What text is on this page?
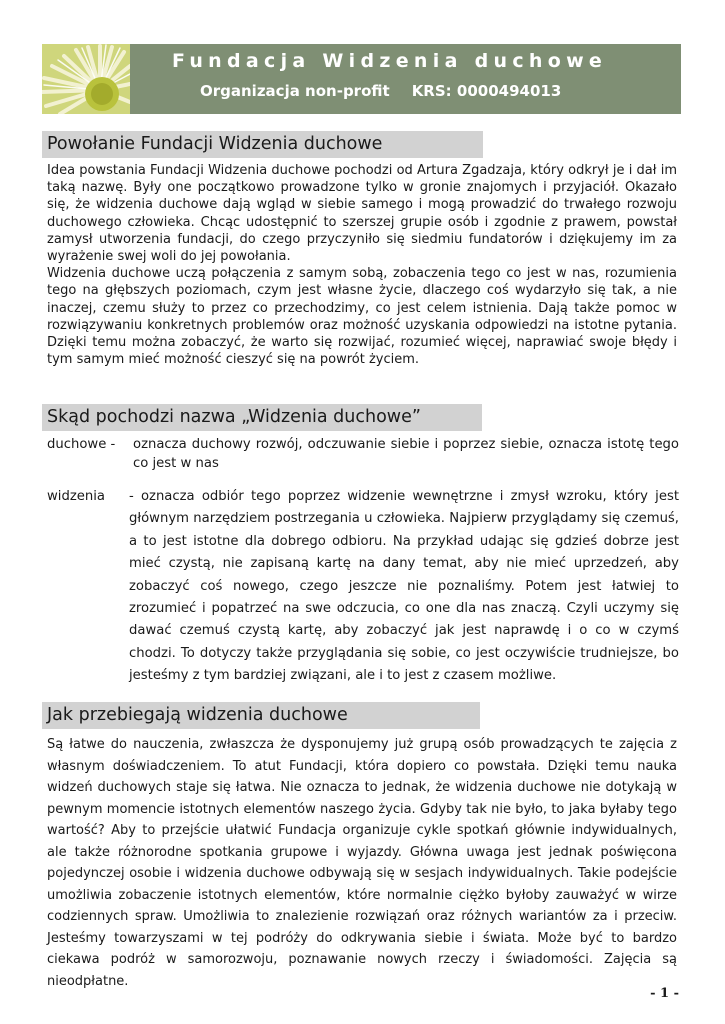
Fundacja Widzenia duchowe
Organizacja non-profit KRS: 0000494013
Powołanie Fundacji Widzenia duchowe

Idea powstania Fundacji Widzenia duchowe pochodzi od Artura Zgadzaja, który odkrył je i dał im taką nazwę. Były one początkowo prowadzone tylko w gronie znajomych i przyjaciół. Okazało się, że widzenia duchowe dają wgląd w siebie samego i mogą prowadzić do trwałego rozwoju duchowego człowieka. Chcąc udostępnić to szerszej grupie osób i zgodnie z prawem, powstał zamysł utworzenia fundacji, do czego przyczyniło się siedmiu fundatorów i dziękujemy im za wyrażenie swej woli do jej powołania.

Widzenia duchowe uczą połączenia z samym sobą, zobaczenia tego co jest w nas, rozumienia tego na głębszych poziomach, czym jest własne życie, dlaczego coś wydarzyło się tak, a nie inaczej, czemu służy to przez co przechodzimy, co jest celem istnienia. Dają także pomoc w rozwiązywaniu konkretnych problemów oraz możność uzyskania odpowiedzi na istotne pytania. Dzięki temu można zobaczyć, że warto się rozwijać, rozumieć więcej, naprawiać swoje błędy i tym samym mieć możność cieszyć się na powrót życiem.

Skąd pochodzi nazwa „Widzenia duchowe”
duchowe -	oznacza duchowy rozwój, odczuwanie siebie i poprzez siebie, oznacza istotę tego co jest w nas

widzenia	- oznacza odbiór tego poprzez widzenie wewnętrzne i zmysł wzroku, który jest głównym narzędziem postrzegania u człowieka. Najpierw przyglądamy się czemuś, a to jest istotne dla dobrego odbioru. Na przykład udając się gdzieś dobrze jest mieć czystą, nie zapisaną kartę na dany temat, aby nie mieć uprzedzeń, aby zobaczyć coś nowego, czego jeszcze nie poznaliśmy. Potem jest łatwiej to zrozumieć i popatrzeć na swe odczucia, co one dla nas znaczą. Czyli uczymy się dawać czemuś czystą kartę, aby zobaczyć jak jest naprawdę i o co w czymś chodzi. To dotyczy także przyglądania się sobie, co jest oczywiście trudniejsze, bo jesteśmy z tym bardziej związani, ale i to jest z czasem możliwe.

Jak przebiegają widzenia duchowe

Są łatwe do nauczenia, zwłaszcza że dysponujemy już grupą osób prowadzących te zajęcia z własnym doświadczeniem. To atut Fundacji, która dopiero co powstała. Dzięki temu nauka widzeń duchowych staje się łatwa. Nie oznacza to jednak, że widzenia duchowe nie dotykają w pewnym momencie istotnych elementów naszego życia. Gdyby tak nie było, to jaka byłaby tego wartość? Aby to przejście ułatwić Fundacja organizuje cykle spotkań głównie indywidualnych, ale także różnorodne spotkania grupowe i wyjazdy. Główna uwaga jest jednak poświęcona pojedynczej osobie i widzenia duchowe odbywają się w sesjach indywidualnych. Takie podejście umożliwia zobaczenie istotnych elementów, które normalnie ciężko byłoby zauważyć w wirze codziennych spraw. Umożliwia to znalezienie rozwiązań oraz różnych wariantów za i przeciw. Jesteśmy towarzyszami w tej podróży do odkrywania siebie i świata. Może być to bardzo ciekawa podróż w samorozwoju, poznawanie nowych rzeczy i świadomości. Zajęcia są nieodpłatne.

- 1 -
